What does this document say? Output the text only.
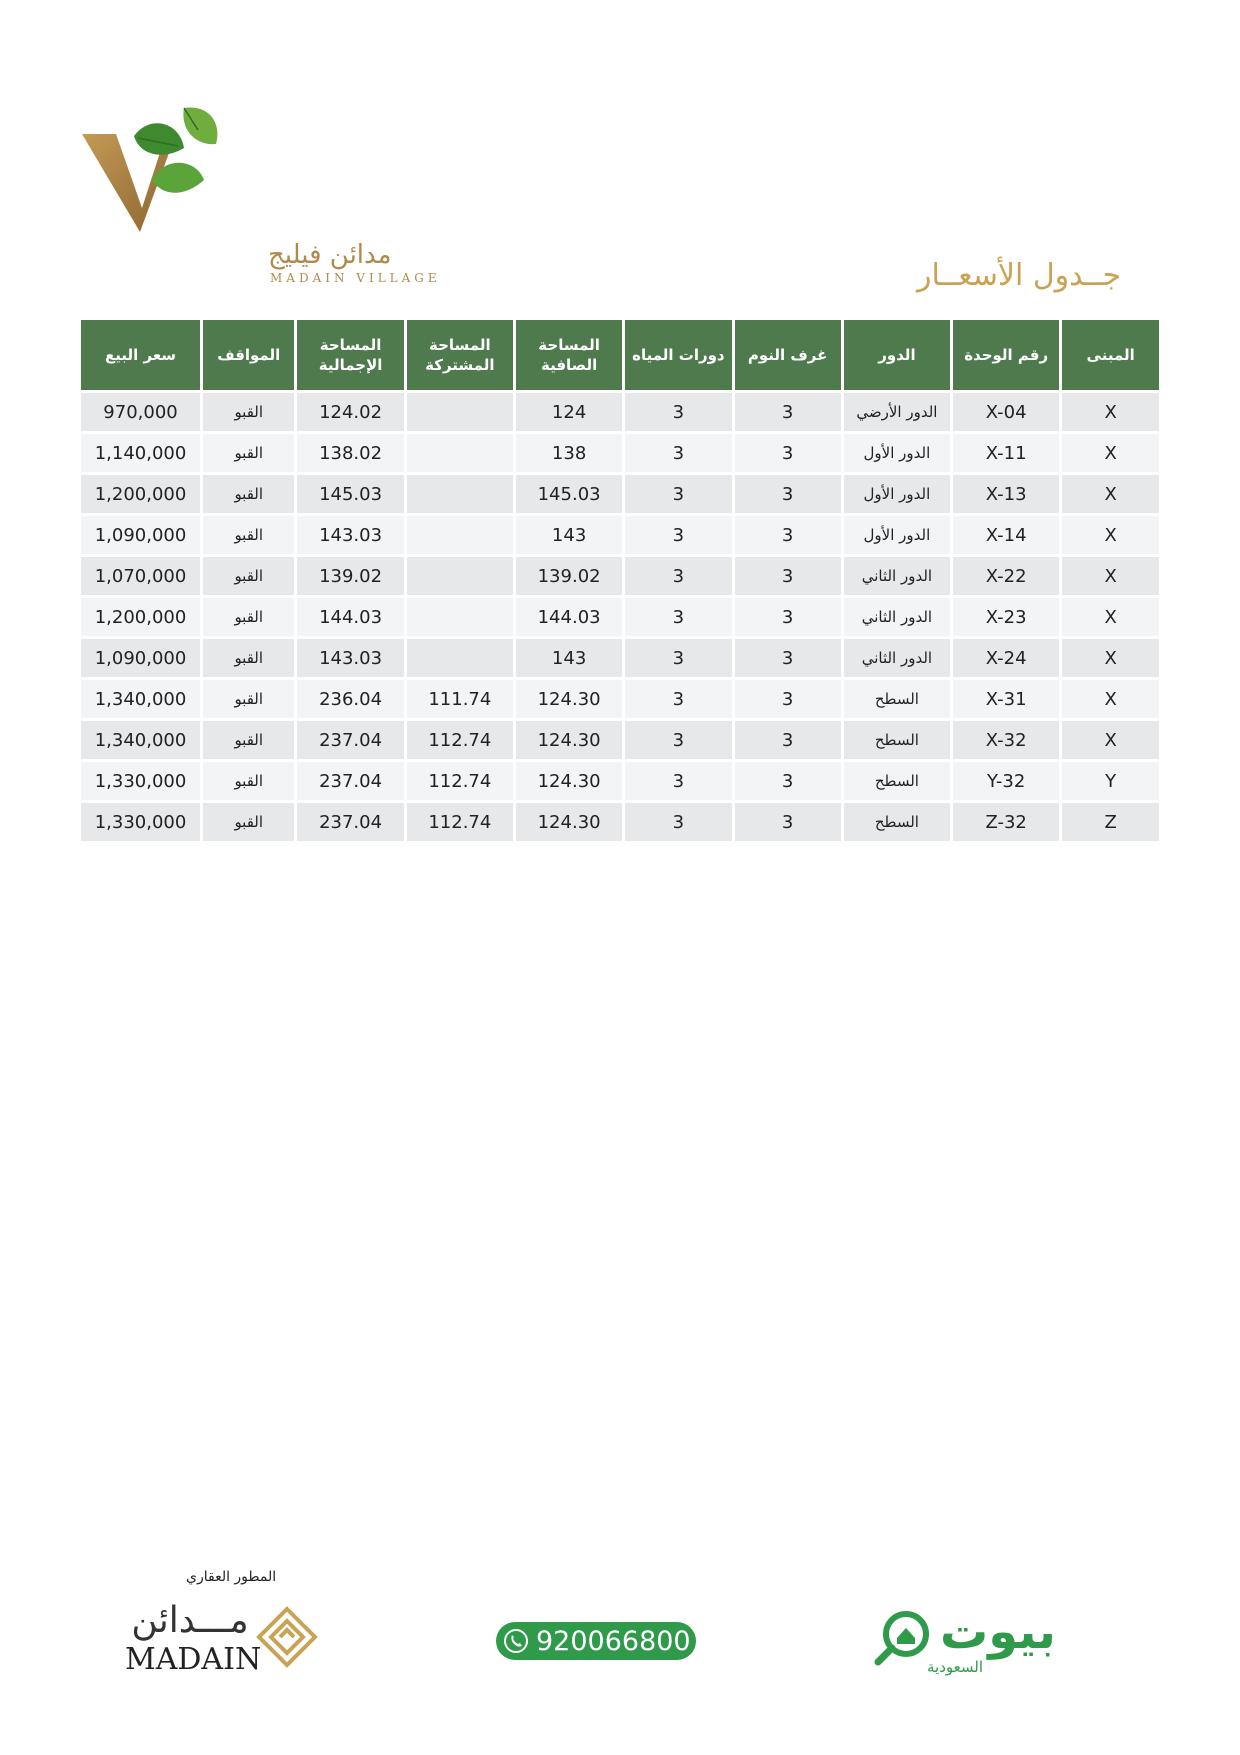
مدائن فيليج
MADAIN VILLAGE	جــدول الأسعــار
المبنى	رقم الوحدة	الدور	غرف النوم	دورات المياه	المساحة الصافية	المساحة المشتركة	المساحة الإجمالية	المواقف	سعر البيع
X	X-04	الدور الأرضي	3	3	124		124.02	القبو	970,000
X	X-11	الدور الأول	3	3	138		138.02	القبو	1,140,000
X	X-13	الدور الأول	3	3	145.03		145.03	القبو	1,200,000
X	X-14	الدور الأول	3	3	143		143.03	القبو	1,090,000
X	X-22	الدور الثاني	3	3	139.02		139.02	القبو	1,070,000
X	X-23	الدور الثاني	3	3	144.03		144.03	القبو	1,200,000
X	X-24	الدور الثاني	3	3	143		143.03	القبو	1,090,000
X	X-31	السطح	3	3	124.30	111.74	236.04	القبو	1,340,000
X	X-32	السطح	3	3	124.30	112.74	237.04	القبو	1,340,000
Y	Y-32	السطح	3	3	124.30	112.74	237.04	القبو	1,330,000
Z	Z-32	السطح	3	3	124.30	112.74	237.04	القبو	1,330,000
المطور العقاري
مـــدائن
MADAIN
920066800	بيوت
السعودية
